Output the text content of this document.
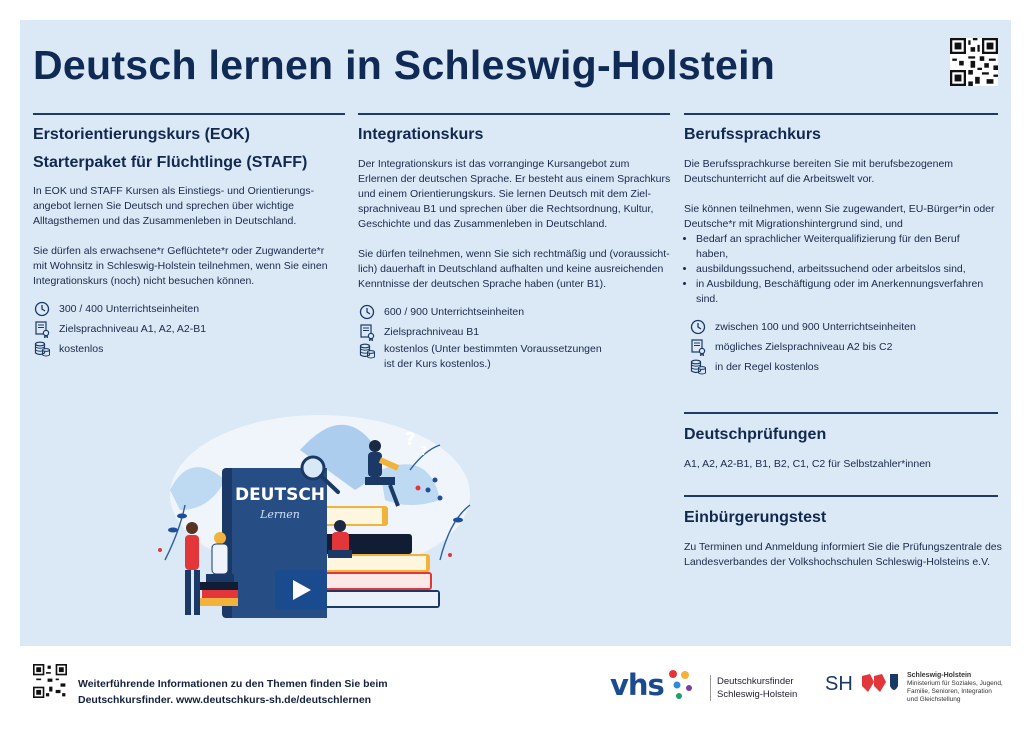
Deutsch lernen in Schleswig-Holstein
Erstorientierungskurs (EOK)
Starterpaket für Flüchtlinge (STAFF)

In EOK und STAFF Kursen als Einstiegs- und Orientierungs-
angebot lernen Sie Deutsch und sprechen über wichtige
Alltagsthemen und das Zusammenleben in Deutschland.

Sie dürfen als erwachsene*r Geflüchtete*r oder Zugwanderte*r
mit Wohnsitz in Schleswig-Holstein teilnehmen, wenn Sie einen
Integrationskurs (noch) nicht besuchen können.

300 / 400 Unterrichtseinheiten
Zielsprachniveau A1, A2, A2-B1
kostenlos
Integrationskurs

Der Integrationskurs ist das vorranginge Kursangebot zum
Erlernen der deutschen Sprache. Er besteht aus einem Sprachkurs
und einem Orientierungskurs. Sie lernen Deutsch mit dem Ziel-
sprachniveau B1 und sprechen über die Rechtsordnung, Kultur,
Geschichte und das Zusammenleben in Deutschland.

Sie dürfen teilnehmen, wenn Sie sich rechtmäßig und (voraussicht-
lich) dauerhaft in Deutschland aufhalten und keine ausreichenden
Kenntnisse der deutschen Sprache haben (unter B1).

600 / 900 Unterrichtseinheiten
Zielsprachniveau B1
kostenlos (Unter bestimmten Voraussetzungen
ist der Kurs kostenlos.)
Berufssprachkurs

Die Berufssprachkurse bereiten Sie mit berufsbezogenem
Deutschunterricht auf die Arbeitswelt vor.

Sie können teilnehmen, wenn Sie zugewandert, EU-Bürger*in oder
Deutsche*r mit Migrationshintergrund sind, und

• Bedarf an sprachlicher Weiterqualifizierung für den Beruf
haben,
• ausbildungssuchend, arbeitssuchend oder arbeitslos sind,
• in Ausbildung, Beschäftigung oder im Anerkennungsverfahren
sind.
zwischen 100 und 900 Unterrichtseinheiten
mögliches Zielsprachniveau A2 bis C2
in der Regel kostenlos
Deutschprüfungen

A1, A2, A2-B1, B1, B2, C1, C2 für Selbstzahler*innen

Einbürgerungstest

Zu Terminen und Anmeldung informiert Sie die Prüfungszentrale des
Landesverbandes der Volkshochschulen Schleswig-Holsteins e.V.

DEUTSCH
Lernen
?
?
Weiterführende Informationen zu den Themen finden Sie beim
Deutschkursfinder. www.deutschkurs-sh.de/deutschlernen	vhs	Deutschkursfinder
Schleswig-Holstein SH	Schleswig-Holstein
Ministerium für Soziales, Jugend,
Familie, Senioren, Integration
und Gleichstellung
